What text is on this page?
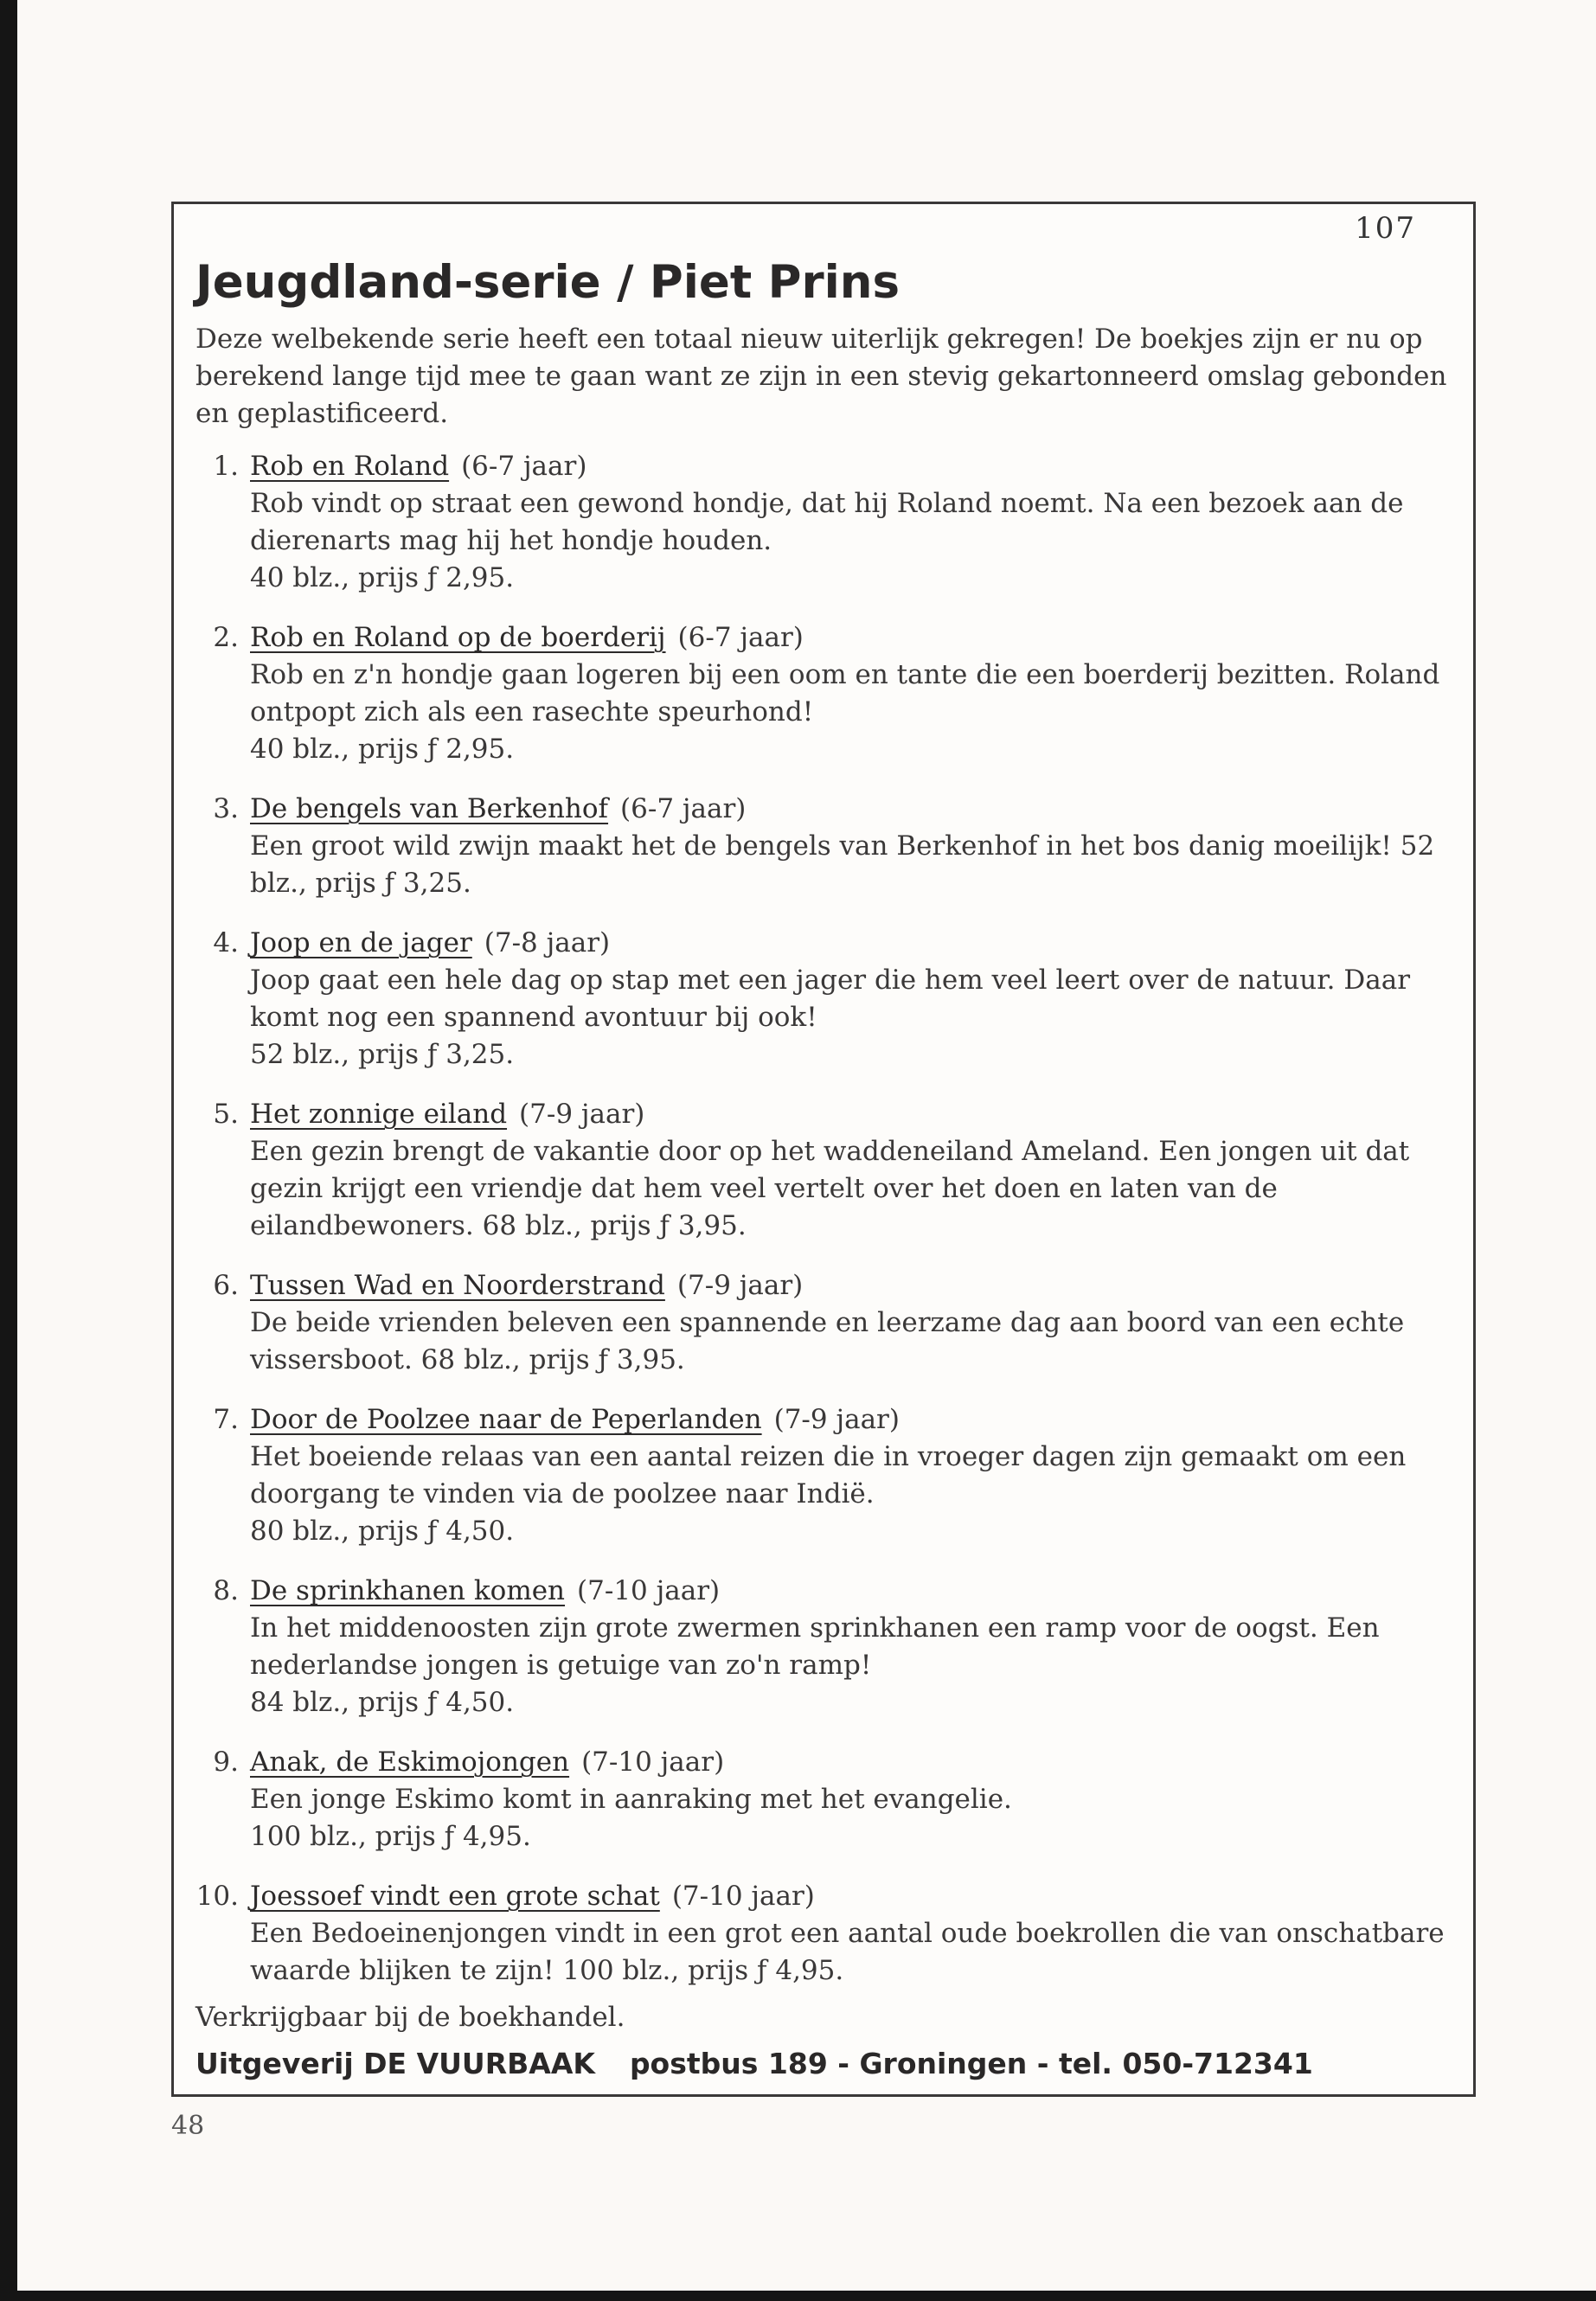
107
Jeugdland-serie / Piet Prins

Deze welbekende serie heeft een totaal nieuw uiterlijk gekregen! De boekjes zijn er nu op berekend lange tijd mee te gaan want ze zijn in een stevig gekartonneerd omslag gebonden en geplastificeerd.

1. Rob en Roland (6-7 jaar)

Rob vindt op straat een gewond hondje, dat hij Roland noemt. Na een bezoek aan de dierenarts mag hij het hondje houden.

40 blz., prijs ƒ 2,95.

2. Rob en Roland op de boerderij (6-7 jaar)

Rob en z'n hondje gaan logeren bij een oom en tante die een boerderij bezitten. Roland ontpopt zich als een rasechte speurhond!

40 blz., prijs ƒ 2,95.

3. De bengels van Berkenhof (6-7 jaar)

Een groot wild zwijn maakt het de bengels van Berkenhof in het bos danig moeilijk! 52 blz., prijs ƒ 3,25.

4. Joop en de jager (7-8 jaar)

Joop gaat een hele dag op stap met een jager die hem veel leert over de natuur. Daar komt nog een spannend avontuur bij ook!

52 blz., prijs ƒ 3,25.

5. Het zonnige eiland (7-9 jaar)

Een gezin brengt de vakantie door op het waddeneiland Ameland. Een jongen uit dat gezin krijgt een vriendje dat hem veel vertelt over het doen en laten van de eilandbewoners. 68 blz., prijs ƒ 3,95.

6. Tussen Wad en Noorderstrand (7-9 jaar)

De beide vrienden beleven een spannende en leerzame dag aan boord van een echte vissersboot. 68 blz., prijs ƒ 3,95.

7. Door de Poolzee naar de Peperlanden (7-9 jaar)

Het boeiende relaas van een aantal reizen die in vroeger dagen zijn gemaakt om een doorgang te vinden via de poolzee naar Indië.

80 blz., prijs ƒ 4,50.

8. De sprinkhanen komen (7-10 jaar)

In het middenoosten zijn grote zwermen sprinkhanen een ramp voor de oogst. Een nederlandse jongen is getuige van zo'n ramp!

84 blz., prijs ƒ 4,50.

9. Anak, de Eskimojongen (7-10 jaar)

Een jonge Eskimo komt in aanraking met het evangelie.

100 blz., prijs ƒ 4,95.

10. Joessoef vindt een grote schat (7-10 jaar)

Een Bedoeinenjongen vindt in een grot een aantal oude boekrollen die van onschatbare waarde blijken te zijn! 100 blz., prijs ƒ 4,95.

Verkrijgbaar bij de boekhandel.

Uitgeverij DE VUURBAAK postbus 189 - Groningen - tel. 050-712341

48
